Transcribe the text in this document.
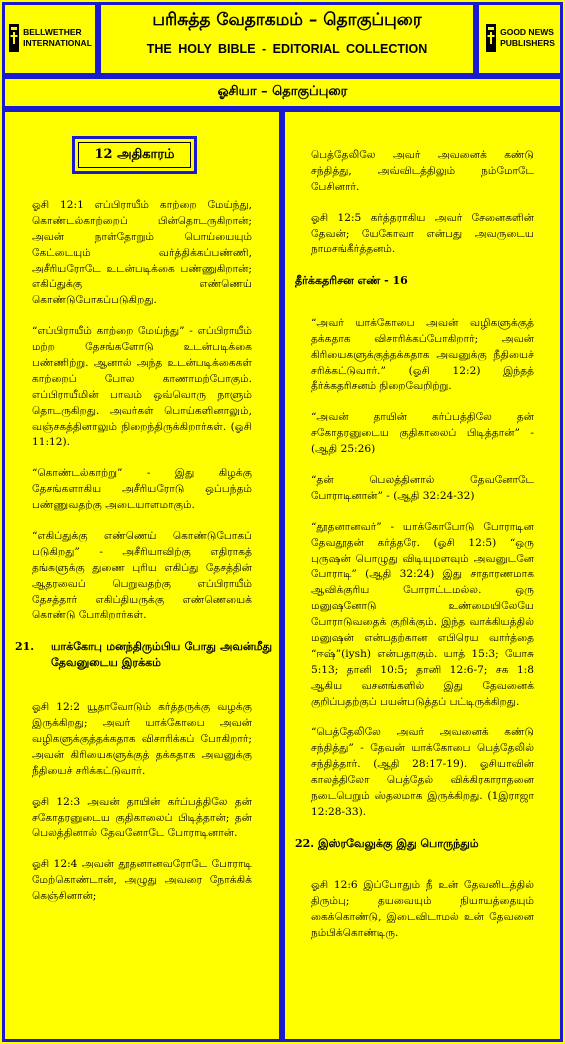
BELLWETHER
INTERNATIONAL
பரிசுத்த வேதாகமம் – தொகுப்புரை
THE HOLY BIBLE - EDITORIAL COLLECTION
GOOD NEWS
PUBLISHERS
ஓசியா – தொகுப்புரை
12 அதிகாரம்

ஓசி 12:1 எப்பிராயீம் காற்றை மேய்ந்து, கொண்டல்காற்றைப் பின்தொடருகிறான்; அவன் நாள்தோறும் பொய்யையும் கேட்டையும் வர்த்திக்கப்பண்ணி, அசீரியரோடே உடன்படிக்கை பண்ணுகிறான்; எகிப்துக்கு எண்ணெய் கொண்டுபோகப்படுகிறது.

“எப்பிராயீம் காற்றை மேய்ந்து” - எப்பிராயீம் மற்ற தேசங்களோடு உடன்படிக்கை பண்ணிற்று. ஆனால் அந்த உடன்படிக்கைகள் காற்றைப் போல காணாமற்போகும். எப்பிராயீமின் பாவம் ஒவ்வொரு நாளும் தொடருகிறது. அவர்கள் பொய்களினாலும், வஞ்சகத்தினாலும் நிறைந்திருக்கிறார்கள். (ஓசி 11:12).

“கொண்டல்காற்று” - இது கிழக்கு தேசங்களாகிய அசீரியரோடு ஒப்பந்தம் பண்ணுவதற்கு அடையாளமாகும்.

“எகிப்துக்கு எண்ணெய் கொண்டுபோகப் படுகிறது” - அசீரியாவிற்கு எதிராகத் தங்களுக்கு துணை புரிய எகிப்து தேசத்தின் ஆதரவைப் பெறுவதற்கு எப்பிராயீம் தேசத்தார் எகிப்தியருக்கு எண்ணெயைக் கொண்டு போகிறார்கள்.

21.	யாக்கோபு மனந்திரும்பிய போது அவன்மீது தேவனுடைய இரக்கம்

ஓசி 12:2 யூதாவோடும் கர்த்தருக்கு வழக்கு இருக்கிறது; அவர் யாக்கோபை அவன் வழிகளுக்குத்தக்கதாக விசாரிக்கப் போகிறார்; அவன் கிரியைகளுக்குத் தக்கதாக அவனுக்கு நீதியைச் சரிக்கட்டுவார்.

ஓசி 12:3 அவன் தாயின் கர்ப்பத்திலே தன் சகோதரனுடைய குதிகாலைப் பிடித்தான்; தன் பெலத்தினால் தேவனோடே போராடினான்.

ஓசி 12:4 அவன் தூதனானவரோடே போராடி மேற்கொண்டான், அழுது அவரை நோக்கிக் கெஞ்சினான்;

பெத்தேலிலே அவர் அவனைக் கண்டு சந்தித்து, அவ்விடத்திலும் நம்மோடே பேசினார்.

ஓசி 12:5 கர்த்தராகிய அவர் சேனைகளின் தேவன்; யேகோவா என்பது அவருடைய நாமசங்கீர்த்தனம்.

தீர்க்கதரிசன எண் - 16

“அவர் யாக்கோபை அவன் வழிகளுக்குத் தக்கதாக விசாரிக்கப்போகிறார்; அவன் கிரியைகளுக்குத்தக்கதாக அவனுக்கு நீதியைச் சரிக்கட்டுவார்.” (ஓசி 12:2) இந்தத் தீர்க்கதரிசனம் நிறைவேறிற்று.

“அவன் தாயின் கர்ப்பத்திலே தன் சகோதரனுடைய குதிகாலைப் பிடித்தான்” - (ஆதி 25:26)

“தன் பெலத்தினால் தேவனோடே போராடினான்” - (ஆதி 32:24-32)

“தூதனானவர்” - யாக்கோபோடு போராடின தேவதூதன் கர்த்தரே. (ஓசி 12:5) “ஒரு புருஷன் பொழுது விடியுமளவும் அவனுடனே போராடி” (ஆதி 32:24) இது சாதாரணமாக ஆவிக்குரிய போராட்டமல்ல. ஒரு மனுஷனோடு உண்மையிலேயே போராடுவதைக் குறிக்கும். இந்த வாக்கியத்தில் மனுஷன் என்பதற்கான எபிரெய வார்த்தை “ஈஷ்”(iysh) என்பதாகும். யாத் 15:3; யோசு 5:13; தானி 10:5; தானி 12:6-7; சக 1:8 ஆகிய வசனங்களில் இது தேவனைக் குறிப்பதற்குப் பயன்படுத்தப் பட்டிருக்கிறது.

“பெத்தேலிலே அவர் அவனைக் கண்டு சந்தித்து” - தேவன் யாக்கோபை பெத்தேலில் சந்தித்தார். (ஆதி 28:17-19). ஓசியாவின் காலத்திலோ பெத்தேல் விக்கிரகாராதனை நடைபெறும் ஸ்தலமாக இருக்கிறது. (1இராஜா 12:28-33).

22. இஸ்ரவேலுக்கு இது பொருந்தும்

ஓசி 12:6 இப்போதும் நீ உன் தேவனிடத்தில் திரும்பு; தயவையும் நியாயத்தையும் கைக்கொண்டு, இடைவிடாமல் உன் தேவனை நம்பிக்கொண்டிரு.
